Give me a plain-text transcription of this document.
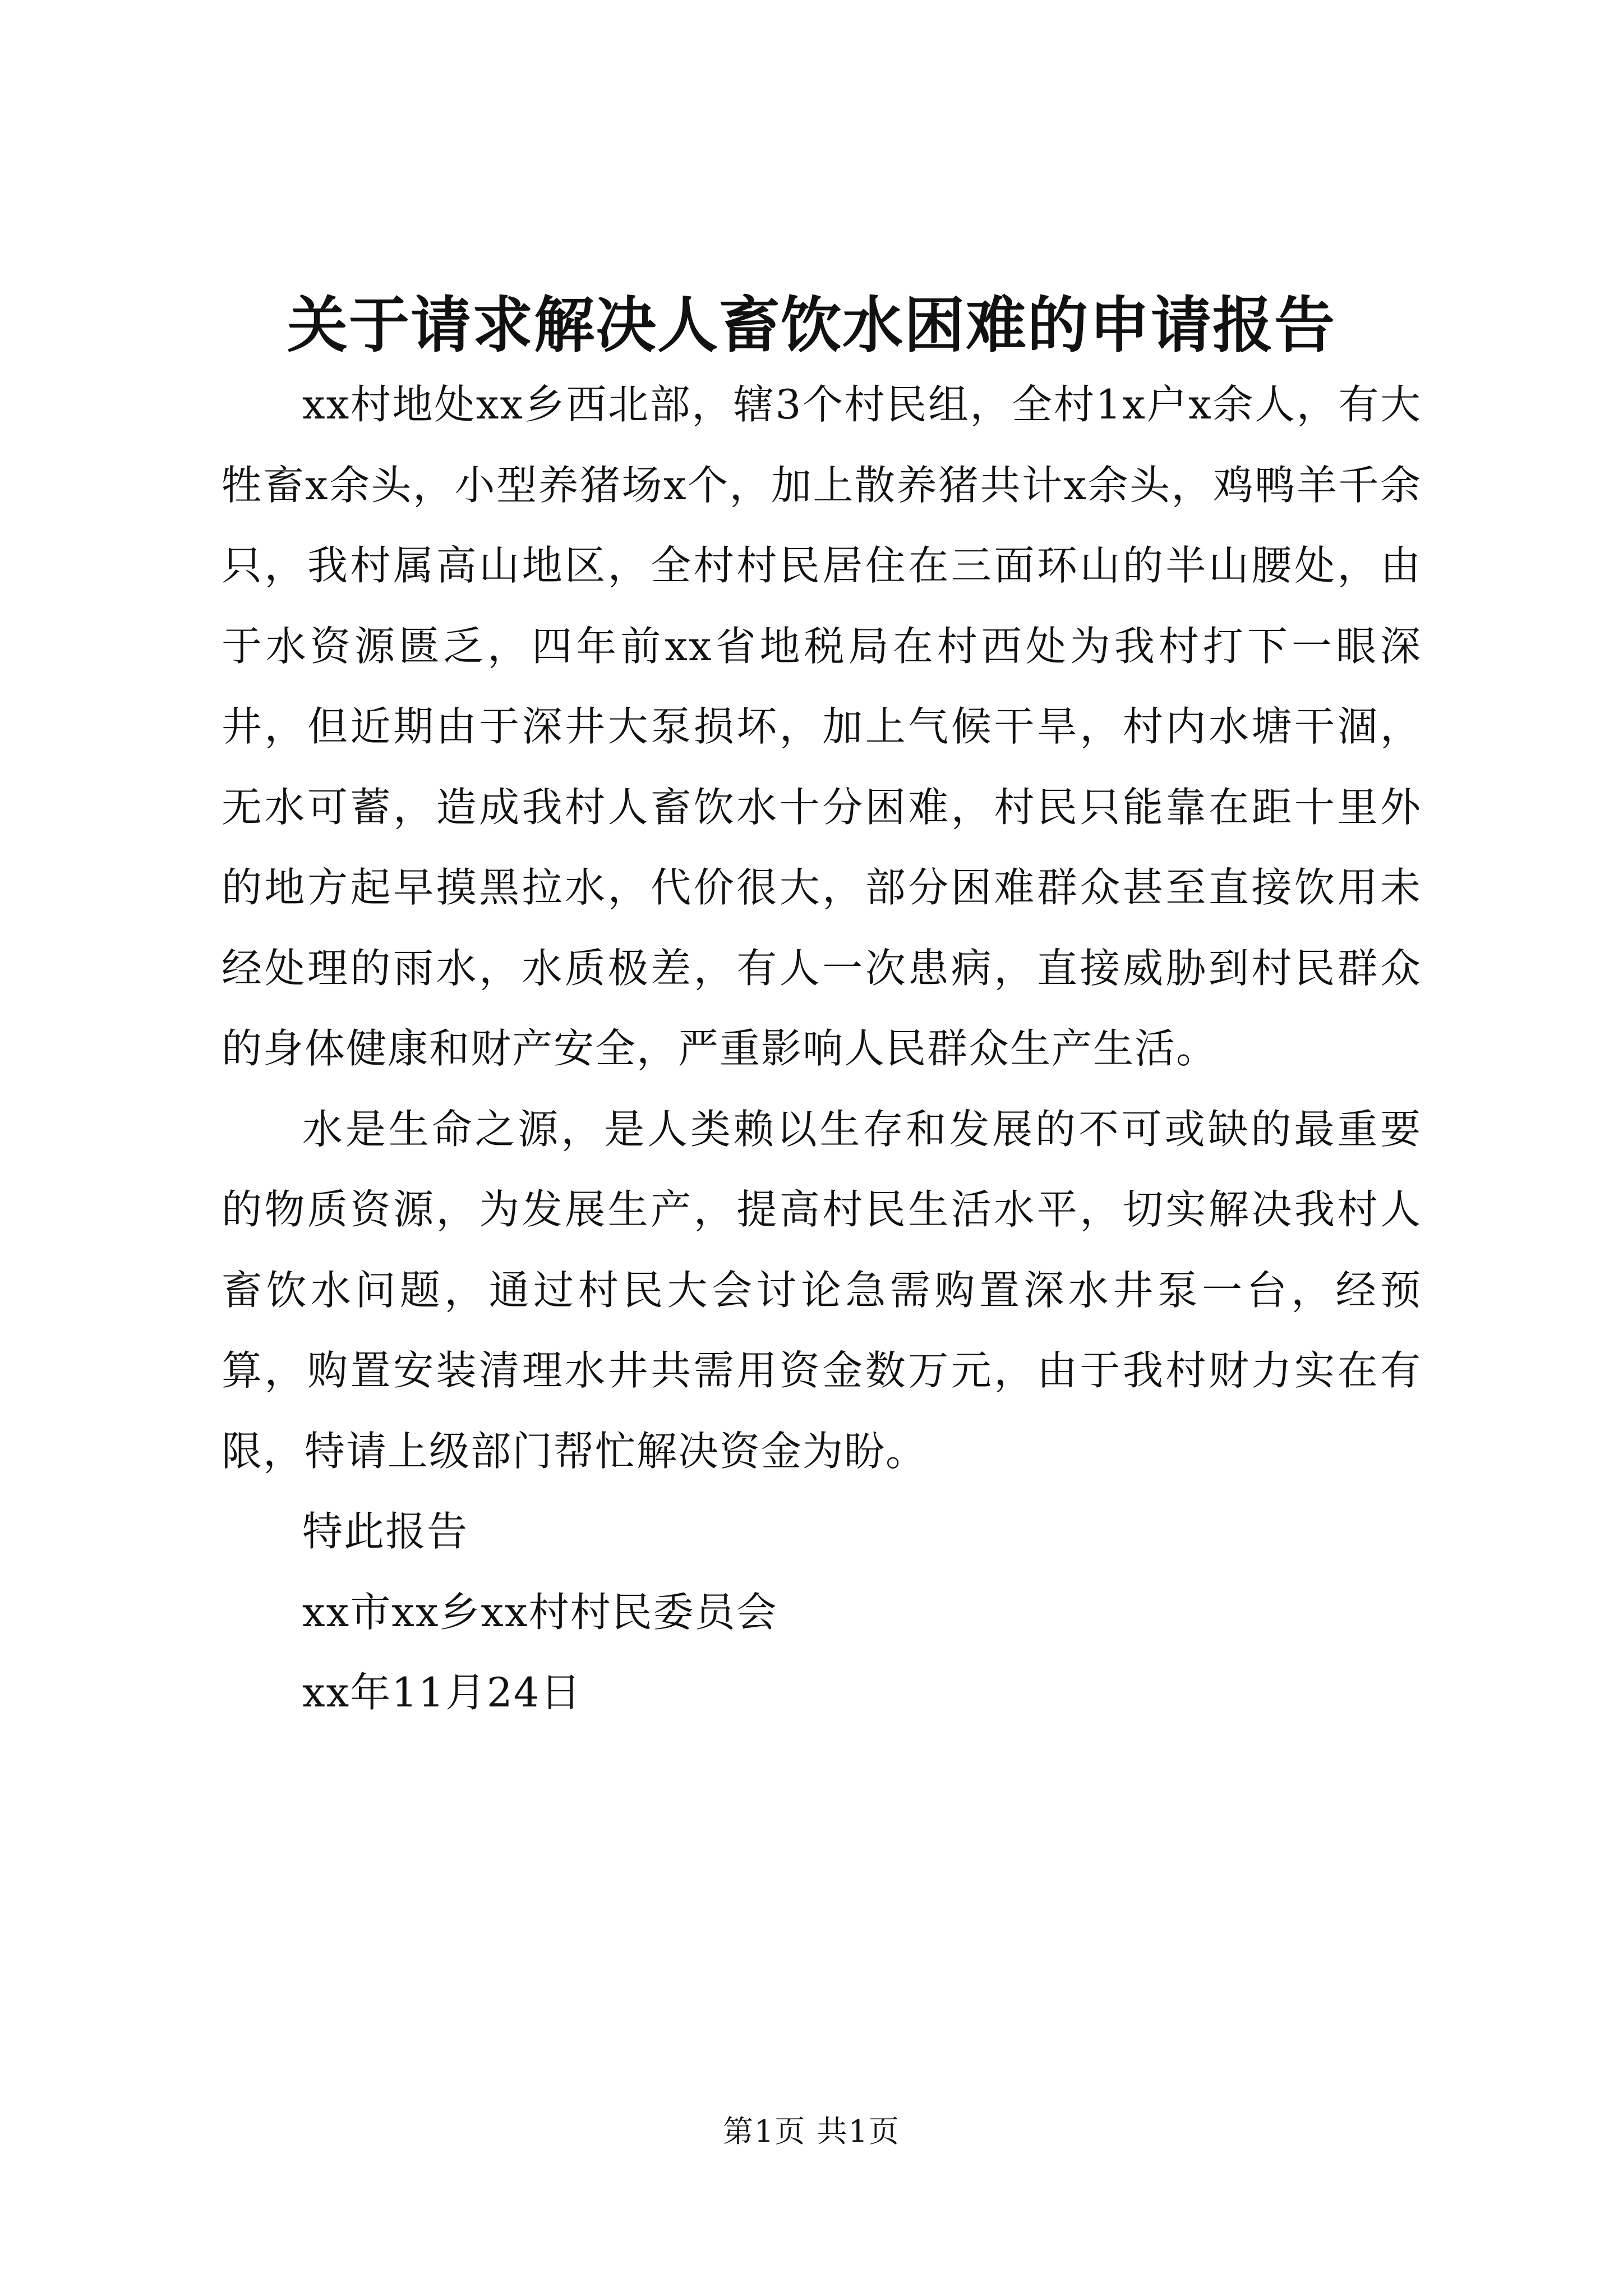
关于请求解决人畜饮水困难的申请报告

xx村地处xx乡西北部，辖3个村民组，全村1x户x余人，有大牲畜x余头，小型养猪场x个，加上散养猪共计x余头，鸡鸭羊千余只，我村属高山地区，全村村民居住在三面环山的半山腰处，由于水资源匮乏，四年前xx省地税局在村西处为我村打下一眼深井，但近期由于深井大泵损坏，加上气候干旱，村内水塘干涸，无水可蓄，造成我村人畜饮水十分困难，村民只能靠在距十里外的地方起早摸黑拉水，代价很大，部分困难群众甚至直接饮用未经处理的雨水，水质极差，有人一次患病，直接威胁到村民群众的身体健康和财产安全，严重影响人民群众生产生活。

水是生命之源，是人类赖以生存和发展的不可或缺的最重要的物质资源，为发展生产，提高村民生活水平，切实解决我村人畜饮水问题，通过村民大会讨论急需购置深水井泵一台，经预算，购置安装清理水井共需用资金数万元，由于我村财力实在有限，特请上级部门帮忙解决资金为盼。

特此报告

xx市xx乡xx村村民委员会

xx年11月24日

第1页 共1页
